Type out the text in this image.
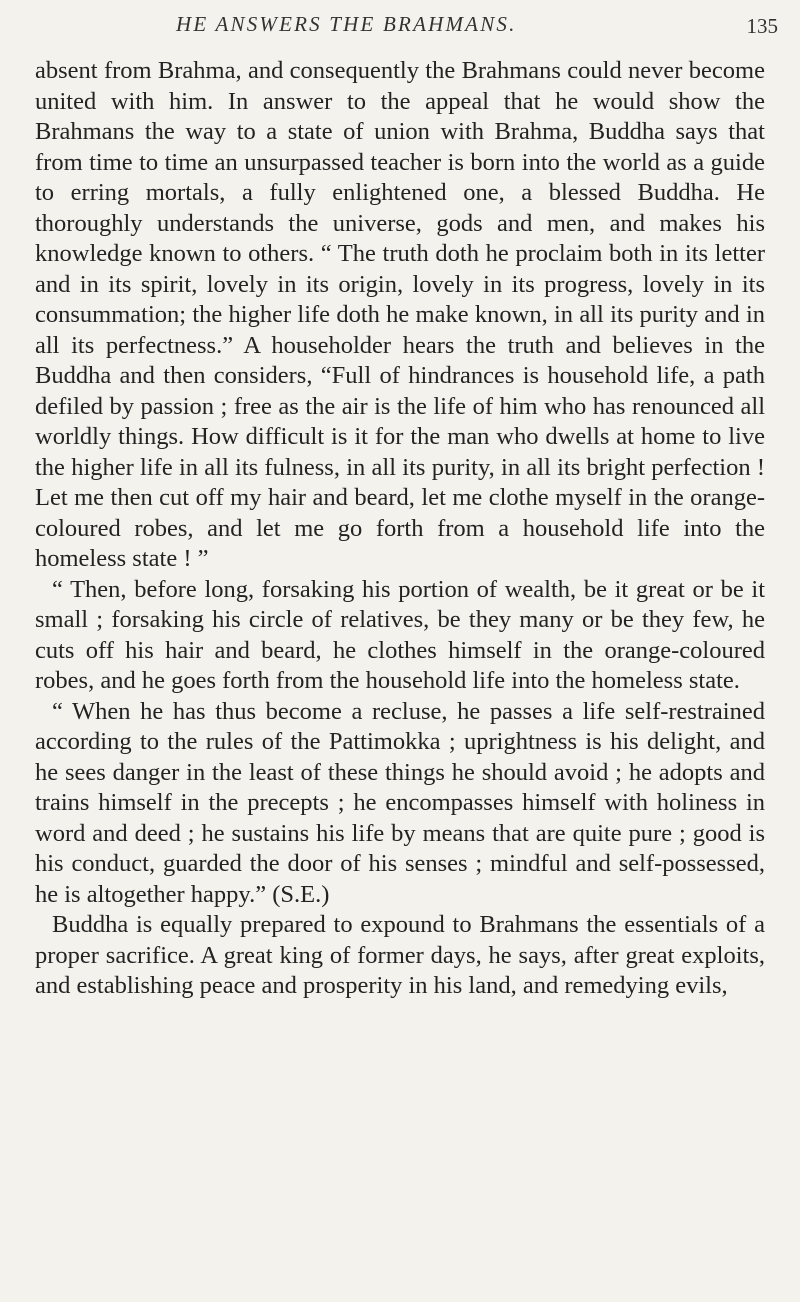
HE ANSWERS THE BRAHMANS.	135

absent from Brahma, and consequently the Brahmans could never become united with him. In answer to the appeal that he would show the Brahmans the way to a state of union with Brahma, Buddha says that from time to time an unsurpassed teacher is born into the world as a guide to erring mortals, a fully enlightened one, a blessed Buddha. He thoroughly understands the universe, gods and men, and makes his knowledge known to others. “ The truth doth he proclaim both in its letter and in its spirit, lovely in its origin, lovely in its progress, lovely in its consummation; the higher life doth he make known, in all its purity and in all its perfectness.” A householder hears the truth and believes in the Buddha and then considers, “Full of hindrances is household life, a path defiled by passion ; free as the air is the life of him who has renounced all worldly things. How difficult is it for the man who dwells at home to live the higher life in all its fulness, in all its purity, in all its bright perfection ! Let me then cut off my hair and beard, let me clothe myself in the orange-coloured robes, and let me go forth from a household life into the homeless state ! ”

“ Then, before long, forsaking his portion of wealth, be it great or be it small ; forsaking his circle of relatives, be they many or be they few, he cuts off his hair and beard, he clothes himself in the orange-coloured robes, and he goes forth from the household life into the homeless state.

“ When he has thus become a recluse, he passes a life self-restrained according to the rules of the Pattimokka ; uprightness is his delight, and he sees danger in the least of these things he should avoid ; he adopts and trains himself in the precepts ; he encompasses himself with holiness in word and deed ; he sustains his life by means that are quite pure ; good is his conduct, guarded the door of his senses ; mindful and self-possessed, he is altogether happy.” (S.E.)

Buddha is equally prepared to expound to Brahmans the essentials of a proper sacrifice. A great king of former days, he says, after great exploits, and establishing peace and prosperity in his land, and remedying evils,
